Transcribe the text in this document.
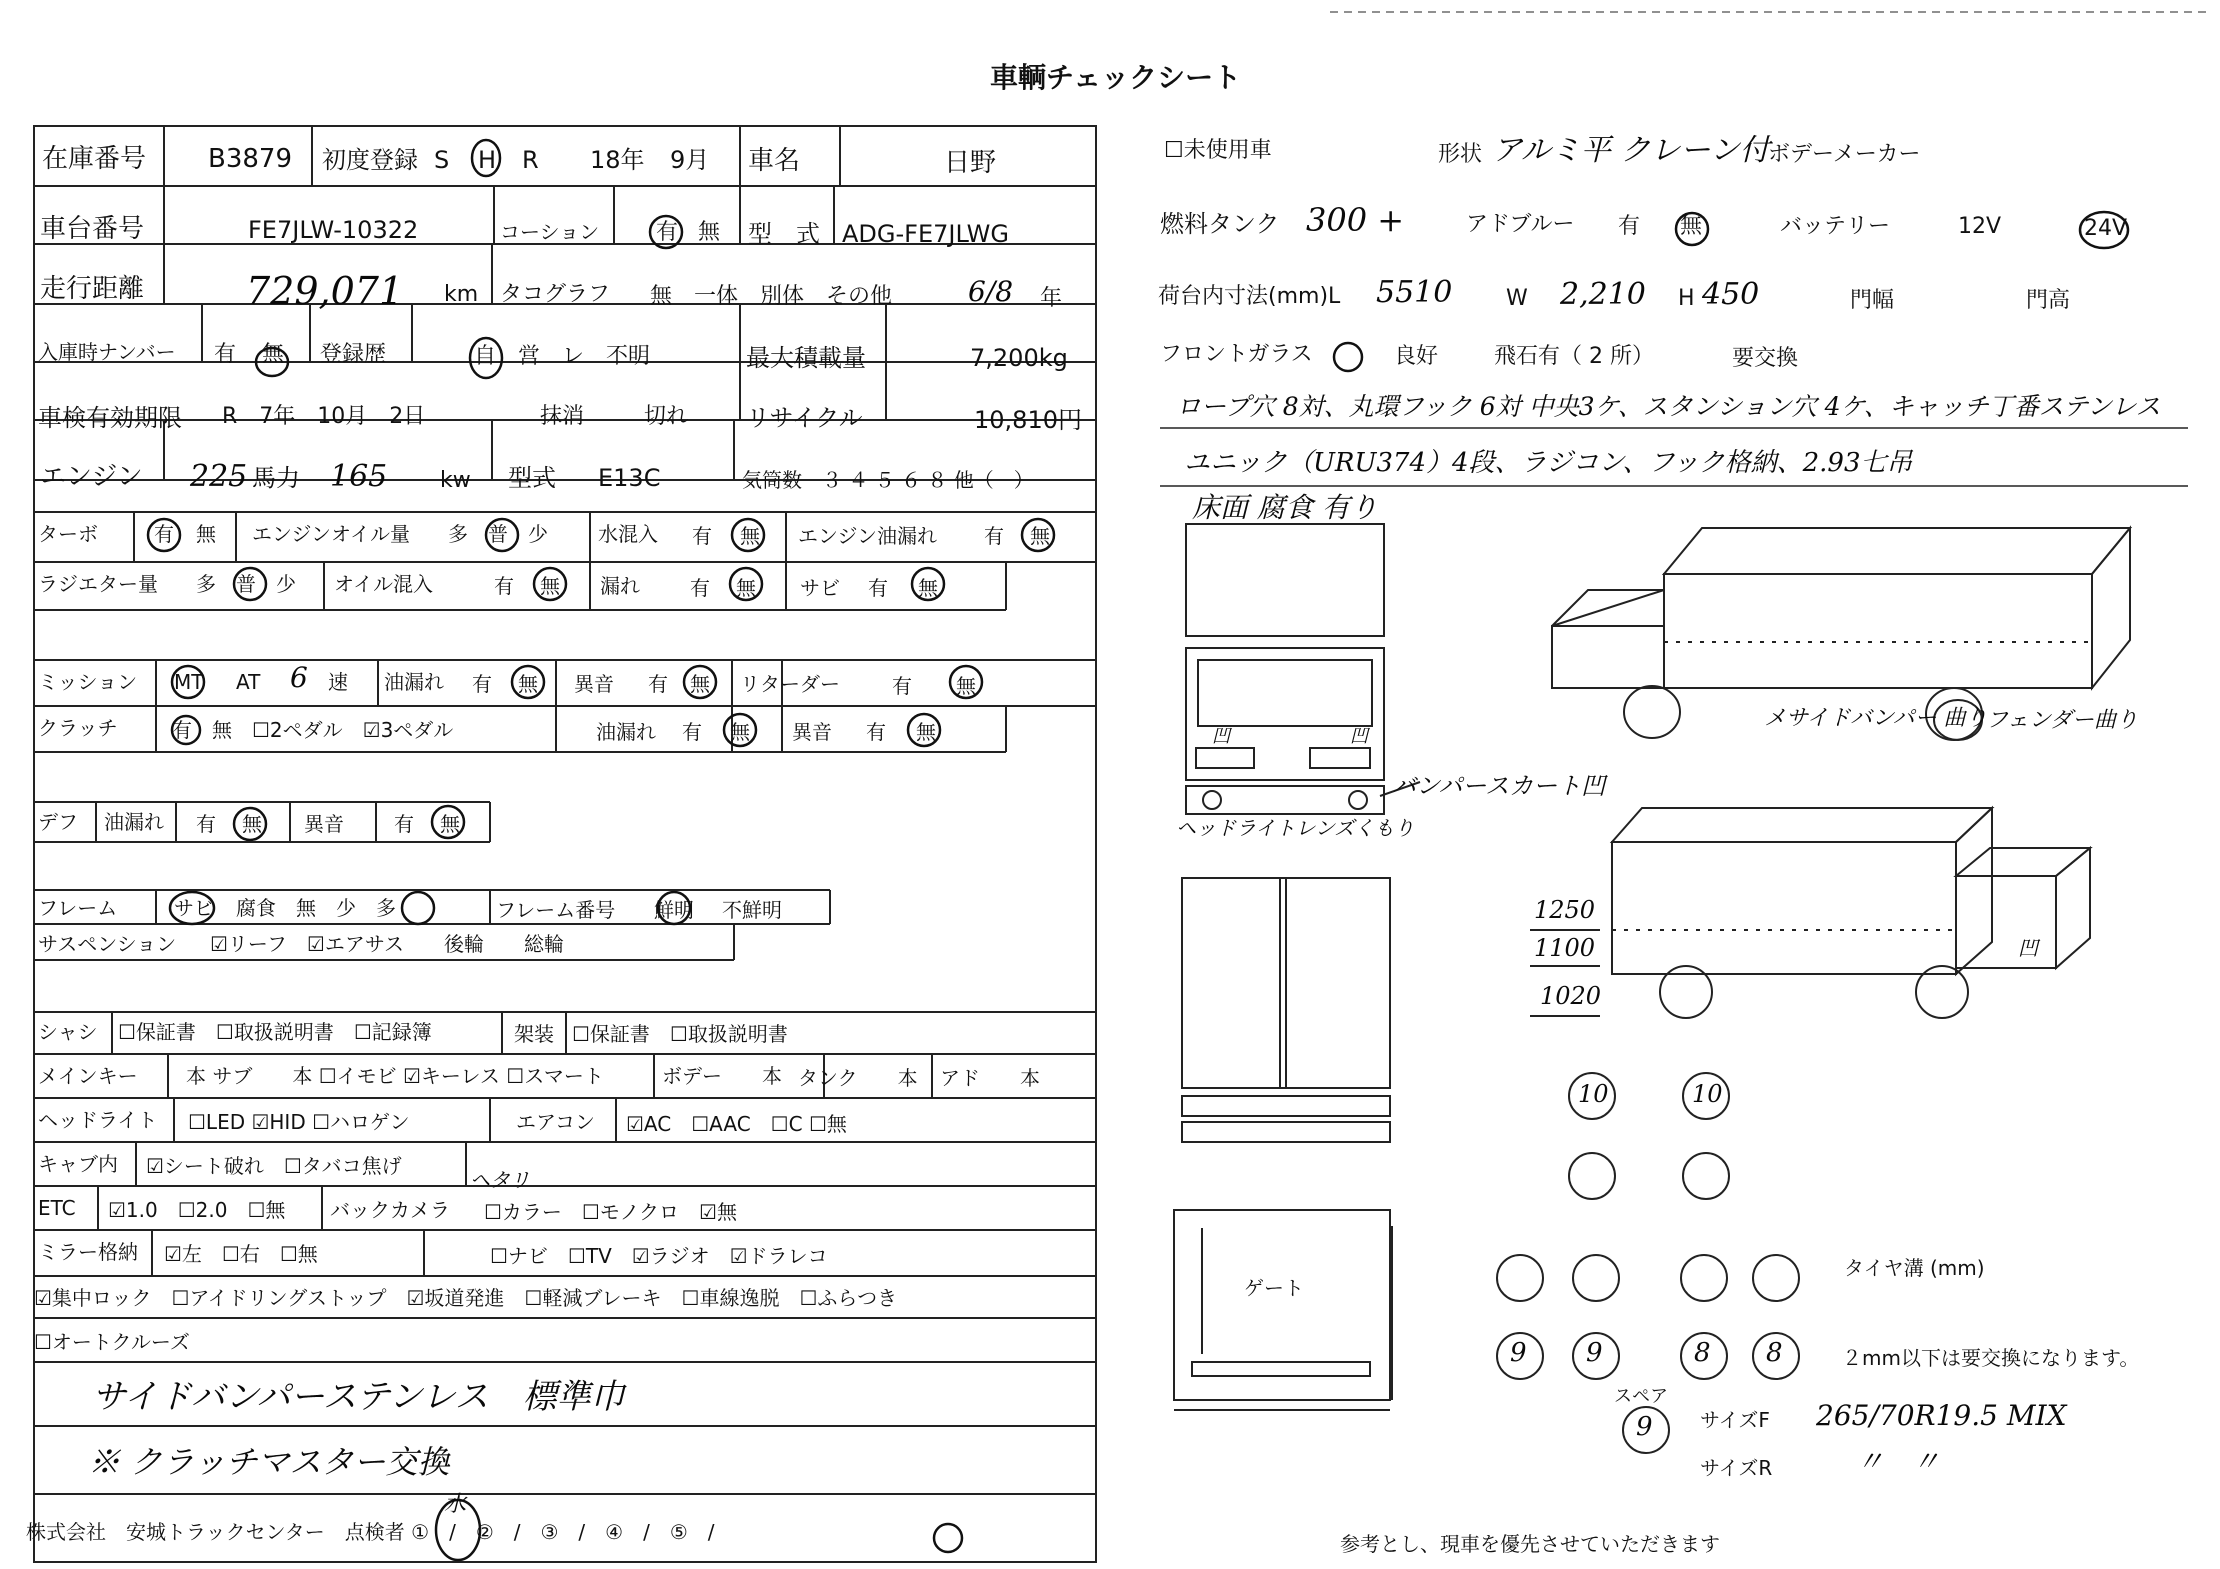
車輌チェックシート
在庫番号 B3879 初度登録 S H R 18年 9月 車名	日野
車台番号	FE7JLW-10322	コーション	有 無 型　式 ADG-FE7JLWG
走行距離	729,071 km タコグラフ 無　一体　別体　その他	6/8 年
入庫時ナンバー 有 無 登録歴	自　営　レ　不明	最大積載量	7,200kg
車検有効期限 R　7年　10月　2日	抹消	切れ リサイクル	10,810円
エンジン 225 馬力 165 kw 型式 E13C	気筒数　３ ４ ５ ６ ８ 他（　）
ターボ	有 無 エンジンオイル量 多　普　少	水混入 有 無 エンジン油漏れ 有 無
ラジエター量 多　普　少 オイル混入	有 無 漏れ	有 無 サビ 有 無
ミッション MT AT 6 速 油漏れ 有 無 異音 有 無 リターダー	有 無
クラッチ	有　無　☐2ペダル　☑3ペダル	油漏れ 有 無 異音 有 無
デフ 油漏れ 有 無 異音	有 無
フレーム	サビ 腐食　無　少　多	フレーム番号 鮮明 不鮮明
サスペンション ☑リーフ　☑エアサス　　後輪　　総輪
シャシ ☐保証書　☐取扱説明書　☐記録簿	架装 ☐保証書　☐取扱説明書
メインキー 本 サブ　　本 ☐イモビ ☑キーレス ☐スマート	ボデー　　本 タンク　　本 アド　　本
ヘッドライト ☐LED ☑HID ☐ハロゲン	エアコン ☑AC　☐AAC　☐C ☐無
キャブ内 ☑シート破れ　☐タバコ焦げ
ヘタリ
ETC ☑1.0　☐2.0　☐無 バックカメラ ☐カラー　☐モノクロ　☑無
ミラー格納 ☑左　☐右　☐無	☐ナビ　☐TV　☑ラジオ　☑ドラレコ
☑集中ロック　☐アイドリングストップ　☑坂道発進　☐軽減ブレーキ　☐車線逸脱　☐ふらつき
☐オートクルーズ
サイドバンパーステンレス　標準巾
※ クラッチマスター交換
株式会社　安城トラックセンター　点検者 ①　/　②　/　③　/　④　/　⑤　/
水
☐未使用車	形状 アルミ平 クレーン付
ボデーメーカー
燃料タンク 300 +	アドブルー 有 無	バッテリー	12V	24V
荷台内寸法(mm)L 5510 W 2,210 H 450	門幅	門高
フロントガラス	良好	飛石有（ 2 所）	要交換
ロープ穴 8対、丸環フック 6対 中央3ケ、スタンション穴 4ケ、キャッチ丁番ステンレス
ユニック（URU374）4段、ラジコン、フック格納、2.93七吊
床面 腐食 有り
メサイドバンパー 曲り
フェンダー曲り
バンパースカート凹
ヘッドライトレンズくもり
凹	凹
凹
1250
1100
1020
ゲート
10	10
9 9	8 8
タイヤ溝 (mm)
２mm以下は要交換になります。
スペア
9 サイズF 265/70R19.5 MIX
サイズR	〃　〃
参考とし、現車を優先させていただきます
